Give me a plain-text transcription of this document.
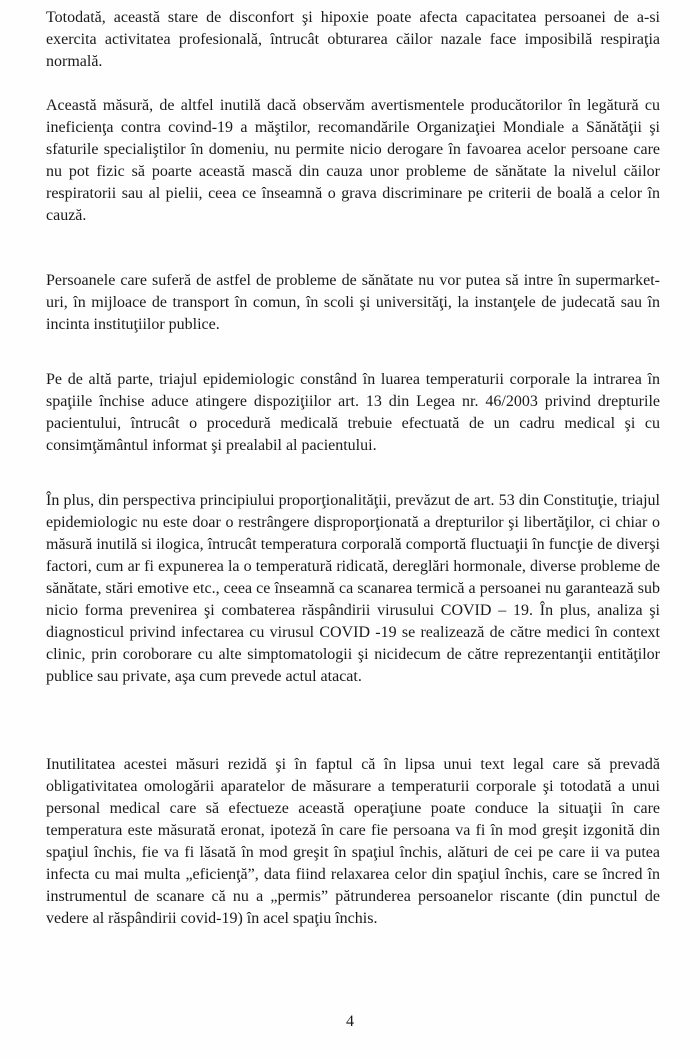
Totodată, această stare de disconfort şi hipoxie poate afecta capacitatea persoanei de a-si exercita activitatea profesională, întrucât obturarea căilor nazale face imposibilă respiraţia normală.

Această măsură, de altfel inutilă dacă observăm avertismentele producătorilor în legătură cu ineficienţa contra covind-19 a măştilor, recomandările Organizaţiei Mondiale a Sănătăţii şi sfaturile specialiştilor în domeniu, nu permite nicio derogare în favoarea acelor persoane care nu pot fizic să poarte această mască din cauza unor probleme de sănătate la nivelul căilor respiratorii sau al pielii, ceea ce înseamnă o grava discriminare pe criterii de boală a celor în cauză.

Persoanele care suferă de astfel de probleme de sănătate nu vor putea să intre în supermarket-uri, în mijloace de transport în comun, în scoli şi universităţi, la instanţele de judecată sau în incinta instituţiilor publice.

Pe de altă parte, triajul epidemiologic constând în luarea temperaturii corporale la intrarea în spaţiile închise aduce atingere dispoziţiilor art. 13 din Legea nr. 46/2003 privind drepturile pacientului, întrucât o procedură medicală trebuie efectuată de un cadru medical şi cu consimţământul informat şi prealabil al pacientului.

În plus, din perspectiva principiului proporţionalităţii, prevăzut de art. 53 din Constituţie, triajul epidemiologic nu este doar o restrângere disproporţionată a drepturilor şi libertăţilor, ci chiar o măsură inutilă si ilogica, întrucât temperatura corporală comportă fluctuaţii în funcţie de diverşi factori, cum ar fi expunerea la o temperatură ridicată, dereglări hormonale, diverse probleme de sănătate, stări emotive etc., ceea ce înseamnă ca scanarea termică a persoanei nu garantează sub nicio forma prevenirea şi combaterea răspândirii virusului COVID – 19. În plus, analiza şi diagnosticul privind infectarea cu virusul COVID -19 se realizează de către medici în context clinic, prin coroborare cu alte simptomatologii şi nicidecum de către reprezentanţii entităţilor publice sau private, aşa cum prevede actul atacat.

Inutilitatea acestei măsuri rezidă şi în faptul că în lipsa unui text legal care să prevadă obligativitatea omologării aparatelor de măsurare a temperaturii corporale şi totodată a unui personal medical care să efectueze această operaţiune poate conduce la situaţii în care temperatura este măsurată eronat, ipoteză în care fie persoana va fi în mod greşit izgonită din spaţiul închis, fie va fi lăsată în mod greşit în spaţiul închis, alături de cei pe care ii va putea infecta cu mai multa „eficienţă”, data fiind relaxarea celor din spaţiul închis, care se încred în instrumentul de scanare că nu a „permis” pătrunderea persoanelor riscante (din punctul de vedere al răspândirii covid-19) în acel spaţiu închis.

4
